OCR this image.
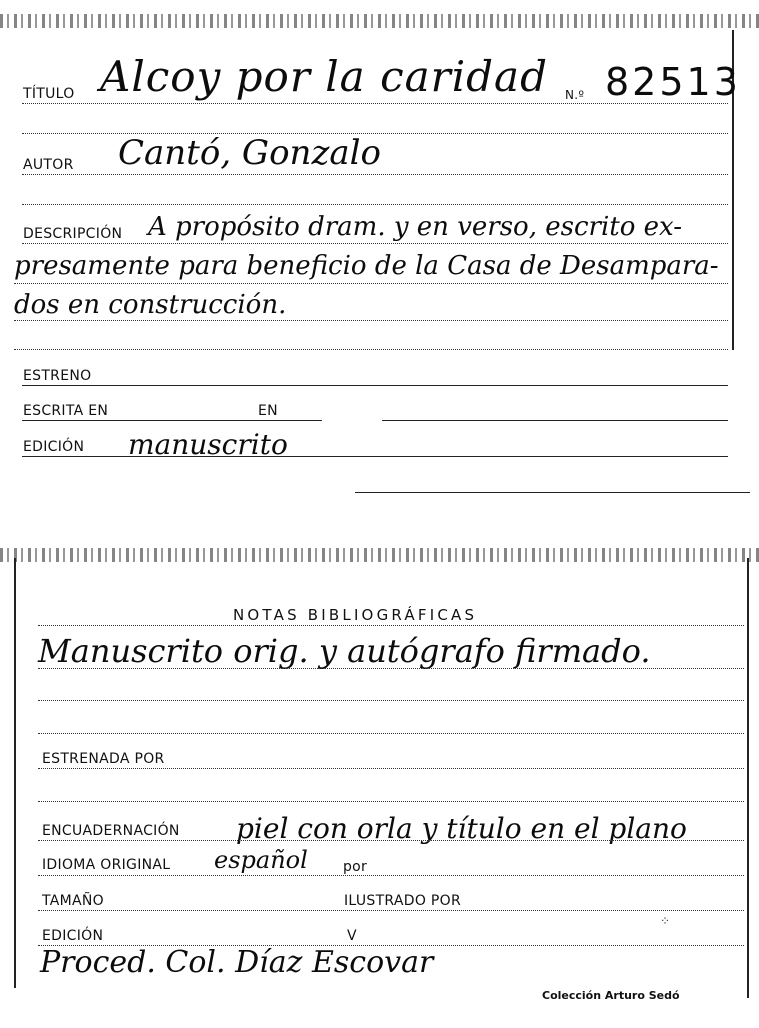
TÍTULO Alcoy por la caridad N.º 82513
AUTOR Cantó, Gonzalo
DESCRIPCIÓN A propósito dram. y en verso, escrito ex-
presamente para beneficio de la Casa de Desampara-
dos en construcción.
ESTRENO
ESCRITA EN	EN
EDICIÓN manuscrito
NOTAS BIBLIOGRÁFICAS
Manuscrito orig. y autógrafo firmado.
ESTRENADA POR
ENCUADERNACIÓN piel con orla y título en el plano
IDIOMA ORIGINAL español	por
TAMAÑO	ILUSTRADO POR
EDICIÓN	V
⁘
Proced. Col. Díaz Escovar
Colección Arturo Sedó
